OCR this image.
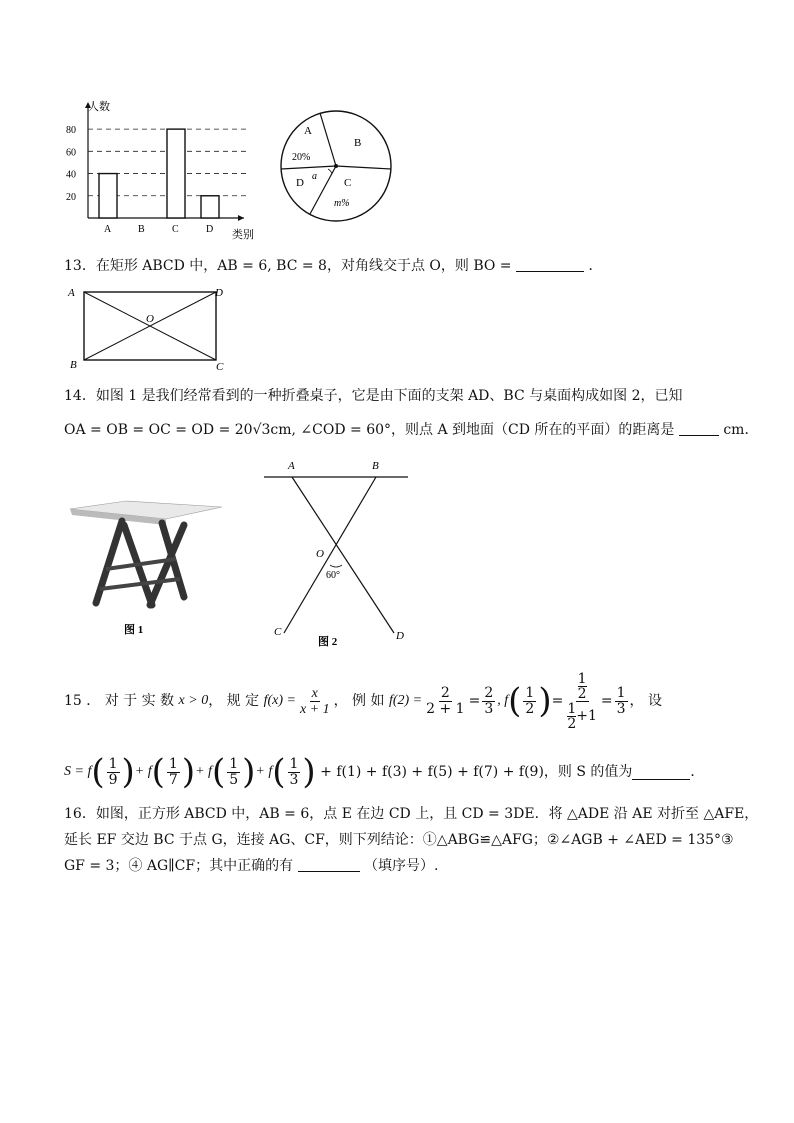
20
40
60
80
A	B	C	D
人数
类别
A
20%
B
C
m%
D
a
13．在矩形 ABCD 中，AB = 6, BC = 8，对角线交于点 O，则 BO =	．
A
B	C
D
O
14．如图 1 是我们经常看到的一种折叠桌子，它是由下面的支架 AD、BC 与桌面构成如图 2，已知
OA = OB = OC = OD = 20√3cm, ∠COD = 60°，则点 A 到地面（CD 所在的平面）的距离是	cm．
图 1
A	B
C	D
O
60°
图 2
15 ． 对 于 实 数
x > 0 ， 规 定
$f(x) = \frac{x}{x + 1}$ ， 例 如
$f(2) = \frac{2}{2 + 1} = \frac{2}{3}$ , f ( $\frac{1}{2}$ ) = 1
2
1
$2 +1 = \frac{1}{3}$ ， 设
S = f ( $\frac{1}{9}$ ) + f ( $\frac{1}{7}$ ) + f ( $\frac{1}{5}$ ) + f ( $\frac{1}{3}$ )
+ f(1) + f(3) + f(5) + f(7) + f(9)，则 S 的值为	．
16．如图，正方形 ABCD 中，AB = 6，点 E 在边 CD 上，且 CD = 3DE．将 △ADE 沿 AE 对折至 △AFE，
延长 EF 交边 BC 于点 G，连接 AG、CF，则下列结论：①△ABG≌△AFG；②∠AGB + ∠AED = 135°③
GF = 3；④ AG∥CF；其中正确的有	（填序号）.
